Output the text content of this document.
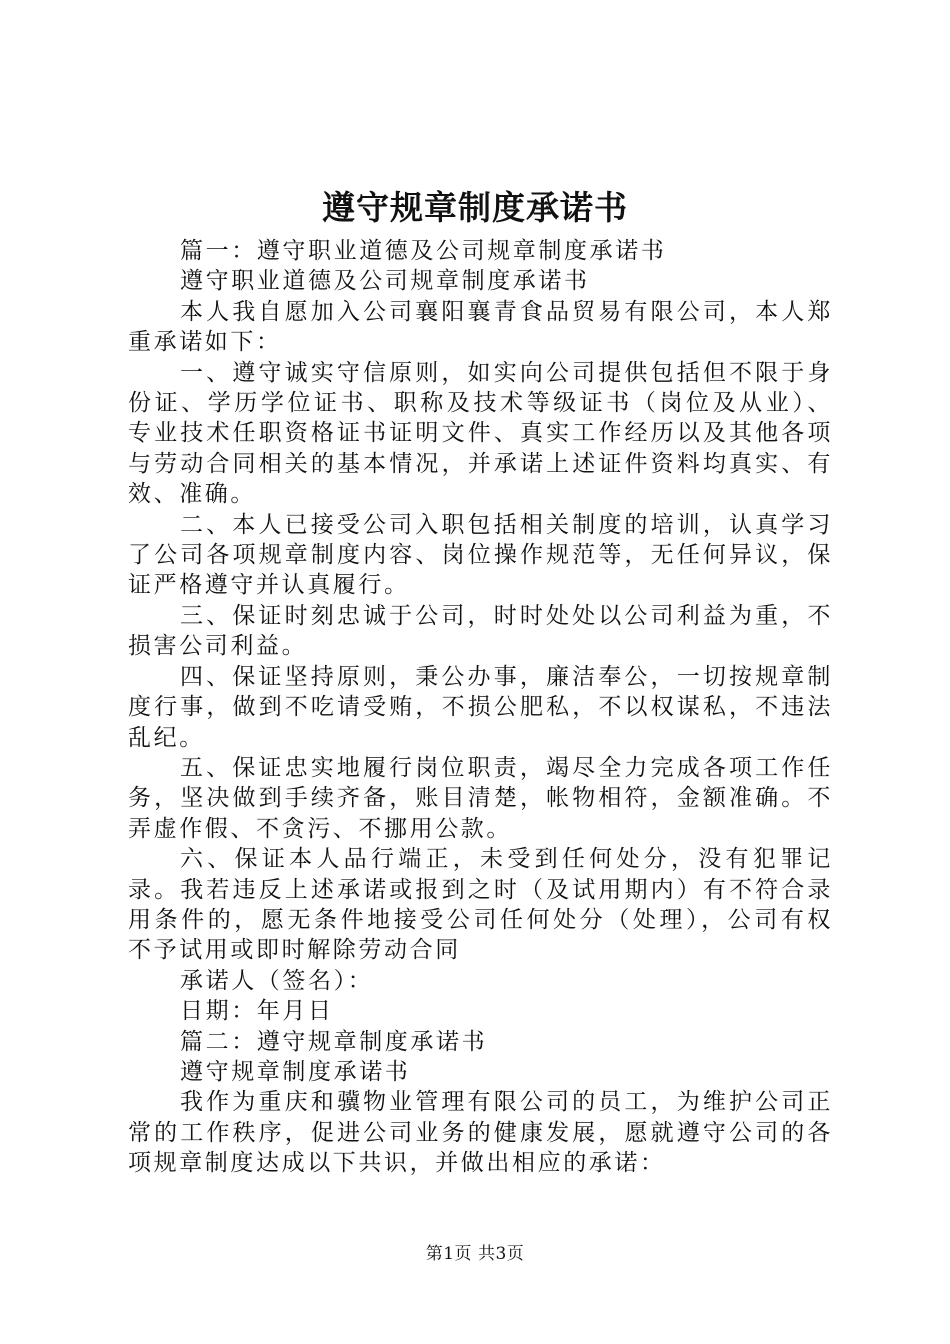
遵守规章制度承诺书

篇一：遵守职业道德及公司规章制度承诺书

遵守职业道德及公司规章制度承诺书

本人我自愿加入公司襄阳襄青食品贸易有限公司，本人郑重承诺如下：

一、遵守诚实守信原则，如实向公司提供包括但不限于身份证、学历学位证书、职称及技术等级证书（岗位及从业）、专业技术任职资格证书证明文件、真实工作经历以及其他各项与劳动合同相关的基本情况，并承诺上述证件资料均真实、有效、准确。

二、本人已接受公司入职包括相关制度的培训，认真学习了公司各项规章制度内容、岗位操作规范等，无任何异议，保证严格遵守并认真履行。

三、保证时刻忠诚于公司，时时处处以公司利益为重，不损害公司利益。

四、保证坚持原则，秉公办事，廉洁奉公，一切按规章制度行事，做到不吃请受贿，不损公肥私，不以权谋私，不违法乱纪。

五、保证忠实地履行岗位职责，竭尽全力完成各项工作任务，坚决做到手续齐备，账目清楚，帐物相符，金额准确。不弄虚作假、不贪污、不挪用公款。

六、保证本人品行端正，未受到任何处分，没有犯罪记录。我若违反上述承诺或报到之时（及试用期内）有不符合录用条件的，愿无条件地接受公司任何处分（处理），公司有权不予试用或即时解除劳动合同

承诺人（签名）：

日期：年月日

篇二：遵守规章制度承诺书

遵守规章制度承诺书

我作为重庆和骥物业管理有限公司的员工，为维护公司正常的工作秩序，促进公司业务的健康发展，愿就遵守公司的各项规章制度达成以下共识，并做出相应的承诺：

第1页 共3页
